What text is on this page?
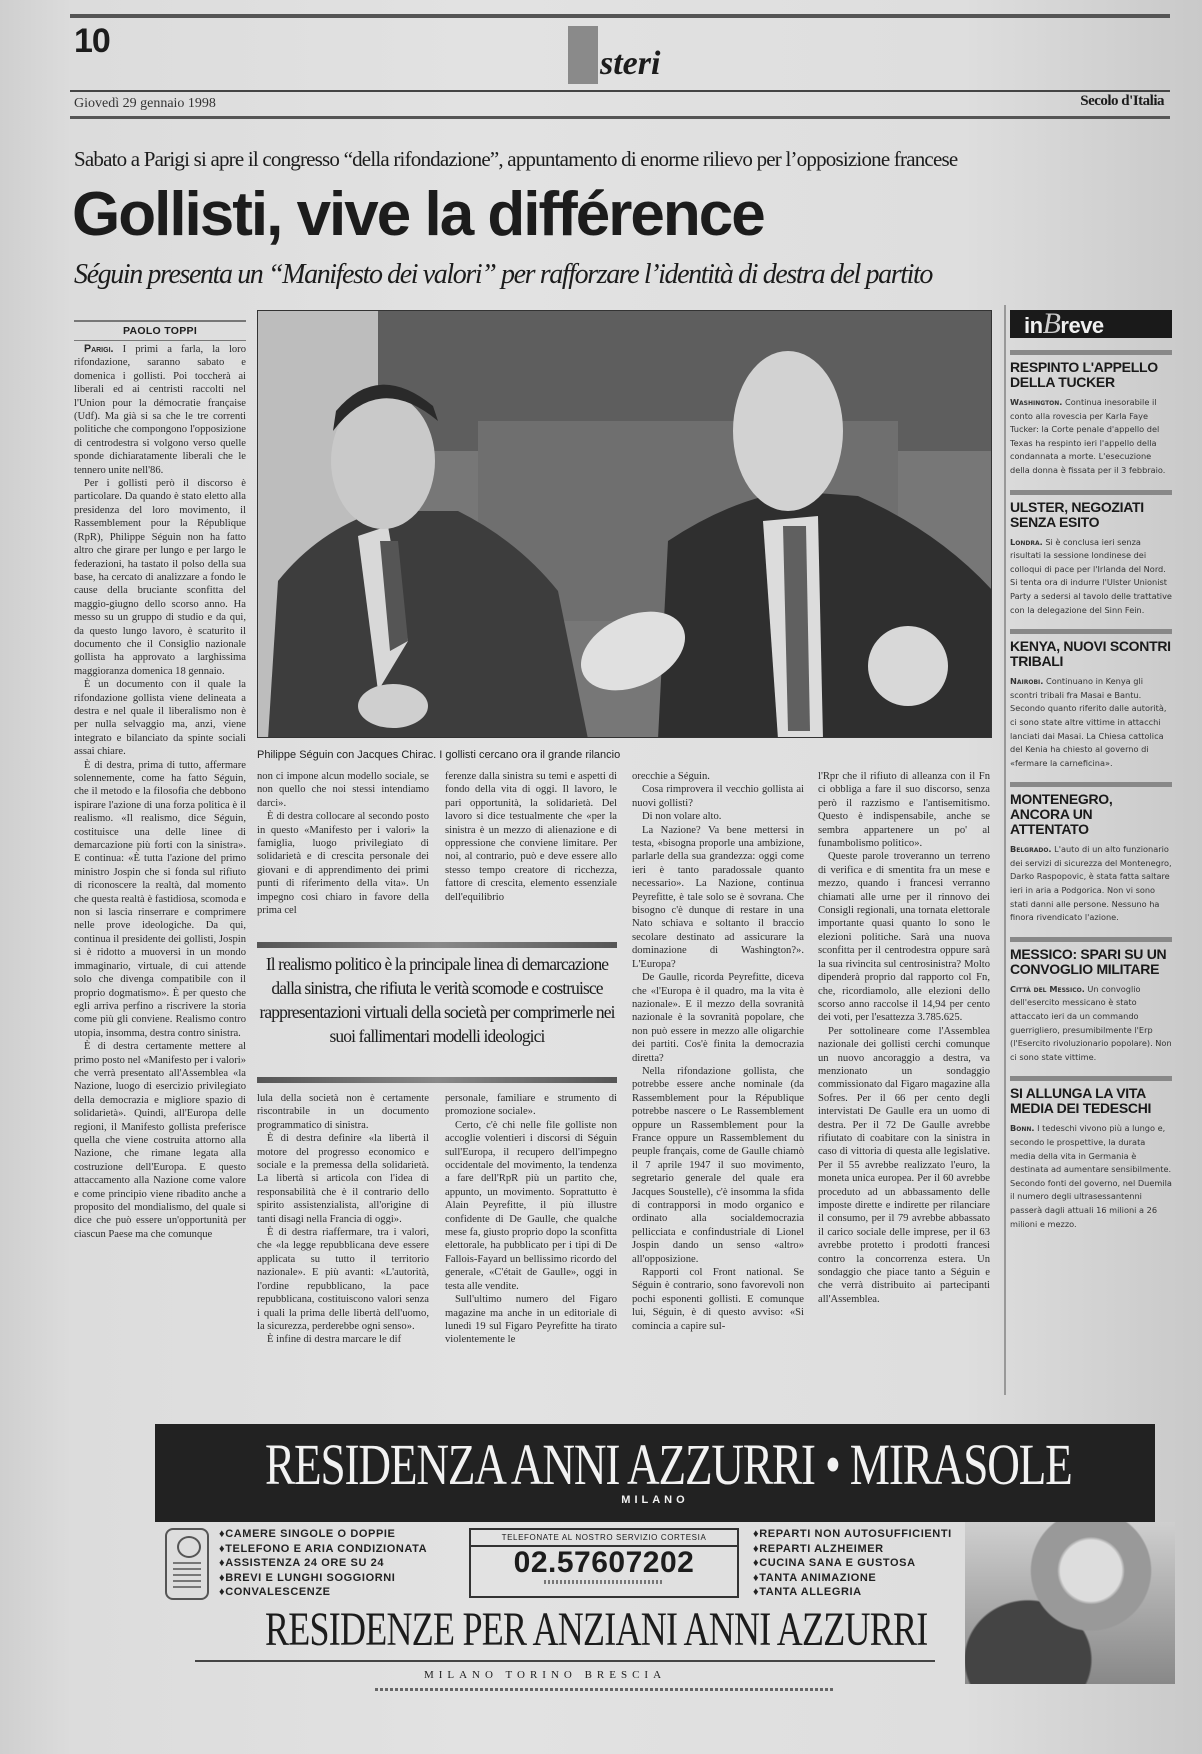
10
steri
Giovedì 29 gennaio 1998	Secolo d'Italia
Sabato a Parigi si apre il congresso “della rifondazione”, appuntamento di enorme rilievo per l’opposizione francese
Gollisti, vive la différence
Séguin presenta un “Manifesto dei valori” per rafforzare l’identità di destra del partito
PAOLO TOPPI

Parigi. I primi a farla, la loro rifondazione, saranno sabato e domenica i gollisti. Poi toccherà ai liberali ed ai centristi raccolti nel l'Union pour la démocratie française (Udf). Ma già si sa che le tre correnti politiche che compongono l'opposizione di centrodestra si volgono verso quelle sponde dichiaratamente liberali che le tennero unite nell'86.

Per i gollisti però il discorso è particolare. Da quando è stato eletto alla presidenza del loro movimento, il Rassemblement pour la République (RpR), Philippe Séguin non ha fatto altro che girare per lungo e per largo le federazioni, ha tastato il polso della sua base, ha cercato di analizzare a fondo le cause della bruciante sconfitta del maggio-giugno dello scorso anno. Ha messo su un gruppo di studio e da qui, da questo lungo lavoro, è scaturito il documento che il Consiglio nazionale gollista ha approvato a larghissima maggioranza domenica 18 gennaio.

È un documento con il quale la rifondazione gollista viene delineata a destra e nel quale il liberalismo non è per nulla selvaggio ma, anzi, viene integrato e bilanciato da spinte sociali assai chiare.

È di destra, prima di tutto, affermare solennemente, come ha fatto Séguin, che il metodo e la filosofia che debbono ispirare l'azione di una forza politica è il realismo. «Il realismo, dice Séguin, costituisce una delle linee di demarcazione più forti con la sinistra». E continua: «È tutta l'azione del primo ministro Jospin che si fonda sul rifiuto di riconoscere la realtà, dal momento che questa realtà è fastidiosa, scomoda e non si lascia rinserrare e comprimere nelle prove ideologiche. Da qui, continua il presidente dei gollisti, Jospin si è ridotto a muoversi in un mondo immaginario, virtuale, di cui attende solo che divenga compatibile con il proprio dogmatismo». È per questo che egli arriva perfino a riscrivere la storia come più gli conviene. Realismo contro utopia, insomma, destra contro sinistra.

È di destra certamente mettere al primo posto nel «Manifesto per i valori» che verrà presentato all'Assemblea «la Nazione, luogo di esercizio privilegiato della democrazia e migliore spazio di solidarietà». Quindi, all'Europa delle regioni, il Manifesto gollista preferisce quella che viene costruita attorno alla Nazione, che rimane legata alla costruzione dell'Europa. E questo attaccamento alla Nazione come valore e come principio viene ribadito anche a proposito del mondialismo, del quale si dice che può essere un'opportunità per ciascun Paese ma che comunque

Philippe Séguin con Jacques Chirac. I gollisti cercano ora il grande rilancio

non ci impone alcun modello sociale, se non quello che noi stessi intendiamo darci».

È di destra collocare al secondo posto in questo «Manifesto per i valori» la famiglia, luogo privilegiato di solidarietà e di crescita personale dei giovani e di apprendimento dei primi punti di riferimento della vita». Un impegno così chiaro in favore della prima cel

ferenze dalla sinistra su temi e aspetti di fondo della vita di oggi. Il lavoro, le pari opportunità, la solidarietà. Del lavoro si dice testualmente che «per la sinistra è un mezzo di alienazione e di oppressione che conviene limitare. Per noi, al contrario, può e deve essere allo stesso tempo creatore di ricchezza, fattore di crescita, elemento essenziale dell'equilibrio

Il realismo politico è la principale linea di demarcazione dalla sinistra, che rifiuta le verità scomode e costruisce rappresentazioni virtuali della società per comprimerle nei suoi fallimentari modelli ideologici

lula della società non è certamente riscontrabile in un documento programmatico di sinistra.

È di destra definire «la libertà il motore del progresso economico e sociale e la premessa della solidarietà. La libertà si articola con l'idea di responsabilità che è il contrario dello spirito assistenzialista, all'origine di tanti disagi nella Francia di oggi».

È di destra riaffermare, tra i valori, che «la legge repubblicana deve essere applicata su tutto il territorio nazionale». E più avanti: «L'autorità, l'ordine repubblicano, la pace repubblicana, costituiscono valori senza i quali la prima delle libertà dell'uomo, la sicurezza, perderebbe ogni senso».

È infine di destra marcare le dif

personale, familiare e strumento di promozione sociale».

Certo, c'è chi nelle file golliste non accoglie volentieri i discorsi di Séguin sull'Europa, il recupero dell'impegno occidentale del movimento, la tendenza a fare dell'RpR più un partito che, appunto, un movimento. Soprattutto è Alain Peyrefitte, il più illustre confidente di De Gaulle, che qualche mese fa, giusto proprio dopo la sconfitta elettorale, ha pubblicato per i tipi di De Fallois-Fayard un bellissimo ricordo del generale, «C'était de Gaulle», oggi in testa alle vendite.

Sull'ultimo numero del Figaro magazine ma anche in un editoriale di lunedì 19 sul Figaro Peyrefitte ha tirato violentemente le

orecchie a Séguin.

Cosa rimprovera il vecchio gollista ai nuovi gollisti?

Di non volare alto.

La Nazione? Va bene mettersi in testa, «bisogna proporle una ambizione, parlarle della sua grandezza: oggi come ieri è tanto paradossale quanto necessario». La Nazione, continua Peyrefitte, è tale solo se è sovrana. Che bisogno c'è dunque di restare in una Nato schiava e soltanto il braccio secolare destinato ad assicurare la dominazione di Washington?». L'Europa?

De Gaulle, ricorda Peyrefitte, diceva che «l'Europa è il quadro, ma la vita è nazionale». E il mezzo della sovranità nazionale è la sovranità popolare, che non può essere in mezzo alle oligarchie dei partiti. Cos'è finita la democrazia diretta?

Nella rifondazione gollista, che potrebbe essere anche nominale (da Rassemblement pour la République potrebbe nascere o Le Rassemblement oppure un Rassemblement pour la France oppure un Rassemblement du peuple français, come de Gaulle chiamò il 7 aprile 1947 il suo movimento, segretario generale del quale era Jacques Soustelle), c'è insomma la sfida di contrapporsi in modo organico e ordinato alla socialdemocrazia pellicciata e confindustriale di Lionel Jospin dando un senso «altro» all'opposizione.

Rapporti col Front national. Se Séguin è contrario, sono favorevoli non pochi esponenti gollisti. E comunque lui, Séguin, è di questo avviso: «Si comincia a capire sul-

l'Rpr che il rifiuto di alleanza con il Fn ci obbliga a fare il suo discorso, senza però il razzismo e l'antisemitismo. Questo è indispensabile, anche se sembra appartenere un po' al funambolismo politico».

Queste parole troveranno un terreno di verifica e di smentita fra un mese e mezzo, quando i francesi verranno chiamati alle urne per il rinnovo dei Consigli regionali, una tornata elettorale importante quasi quanto lo sono le elezioni politiche. Sarà una nuova sconfitta per il centrodestra oppure sarà la sua rivincita sul centrosinistra? Molto dipenderà proprio dal rapporto col Fn, che, ricordiamolo, alle elezioni dello scorso anno raccolse il 14,94 per cento dei voti, per l'esattezza 3.785.625.

Per sottolineare come l'Assemblea nazionale dei gollisti cerchi comunque un nuovo ancoraggio a destra, va menzionato un sondaggio commissionato dal Figaro magazine alla Sofres. Per il 66 per cento degli intervistati De Gaulle era un uomo di destra. Per il 72 De Gaulle avrebbe rifiutato di coabitare con la sinistra in caso di vittoria di questa alle legislative. Per il 55 avrebbe realizzato l'euro, la moneta unica europea. Per il 60 avrebbe proceduto ad un abbassamento delle imposte dirette e indirette per rilanciare il consumo, per il 79 avrebbe abbassato il carico sociale delle imprese, per il 63 avrebbe protetto i prodotti francesi contro la concorrenza estera. Un sondaggio che piace tanto a Séguin e che verrà distribuito ai partecipanti all'Assemblea.

inBreve
RESPINTO L'APPELLO DELLA TUCKER

Washington. Continua inesorabile il conto alla rovescia per Karla Faye Tucker: la Corte penale d'appello del Texas ha respinto ieri l'appello della condannata a morte. L'esecuzione della donna è fissata per il 3 febbraio.

ULSTER, NEGOZIATI SENZA ESITO

Londra. Si è conclusa ieri senza risultati la sessione londinese dei colloqui di pace per l'Irlanda del Nord. Si tenta ora di indurre l'Ulster Unionist Party a sedersi al tavolo delle trattative con la delegazione del Sinn Fein.

KENYA, NUOVI SCONTRI TRIBALI

Nairobi. Continuano in Kenya gli scontri tribali fra Masai e Bantu. Secondo quanto riferito dalle autorità, ci sono state altre vittime in attacchi lanciati dai Masai. La Chiesa cattolica del Kenia ha chiesto al governo di «fermare la carneficina».

MONTENEGRO, ANCORA UN ATTENTATO

Belgrado. L'auto di un alto funzionario dei servizi di sicurezza del Montenegro, Darko Raspopovic, è stata fatta saltare ieri in aria a Podgorica. Non vi sono stati danni alle persone. Nessuno ha finora rivendicato l'azione.

MESSICO: SPARI SU UN CONVOGLIO MILITARE

Città del Messico. Un convoglio dell'esercito messicano è stato attaccato ieri da un commando guerrigliero, presumibilmente l'Erp (l'Esercito rivoluzionario popolare). Non ci sono state vittime.

SI ALLUNGA LA VITA MEDIA DEI TEDESCHI

Bonn. I tedeschi vivono più a lungo e, secondo le prospettive, la durata media della vita in Germania è destinata ad aumentare sensibilmente. Secondo fonti del governo, nel Duemila il numero degli ultrasessantenni passerà dagli attuali 16 milioni a 26 milioni e mezzo.

RESIDENZA ANNI AZZURRI • MIRASOLE
MILANO
♦ CAMERE SINGOLE O DOPPIE
♦ TELEFONO E ARIA CONDIZIONATA
♦ ASSISTENZA 24 ORE SU 24
♦ BREVI E LUNGHI SOGGIORNI
♦ CONVALESCENZE
TELEFONATE AL NOSTRO SERVIZIO CORTESIA
02.57607202
♦ REPARTI NON AUTOSUFFICIENTI
♦ REPARTI ALZHEIMER
♦ CUCINA SANA E GUSTOSA
♦ TANTA ANIMAZIONE
♦ TANTA ALLEGRIA
RESIDENZE PER ANZIANI ANNI AZZURRI
MILANO TORINO BRESCIA
